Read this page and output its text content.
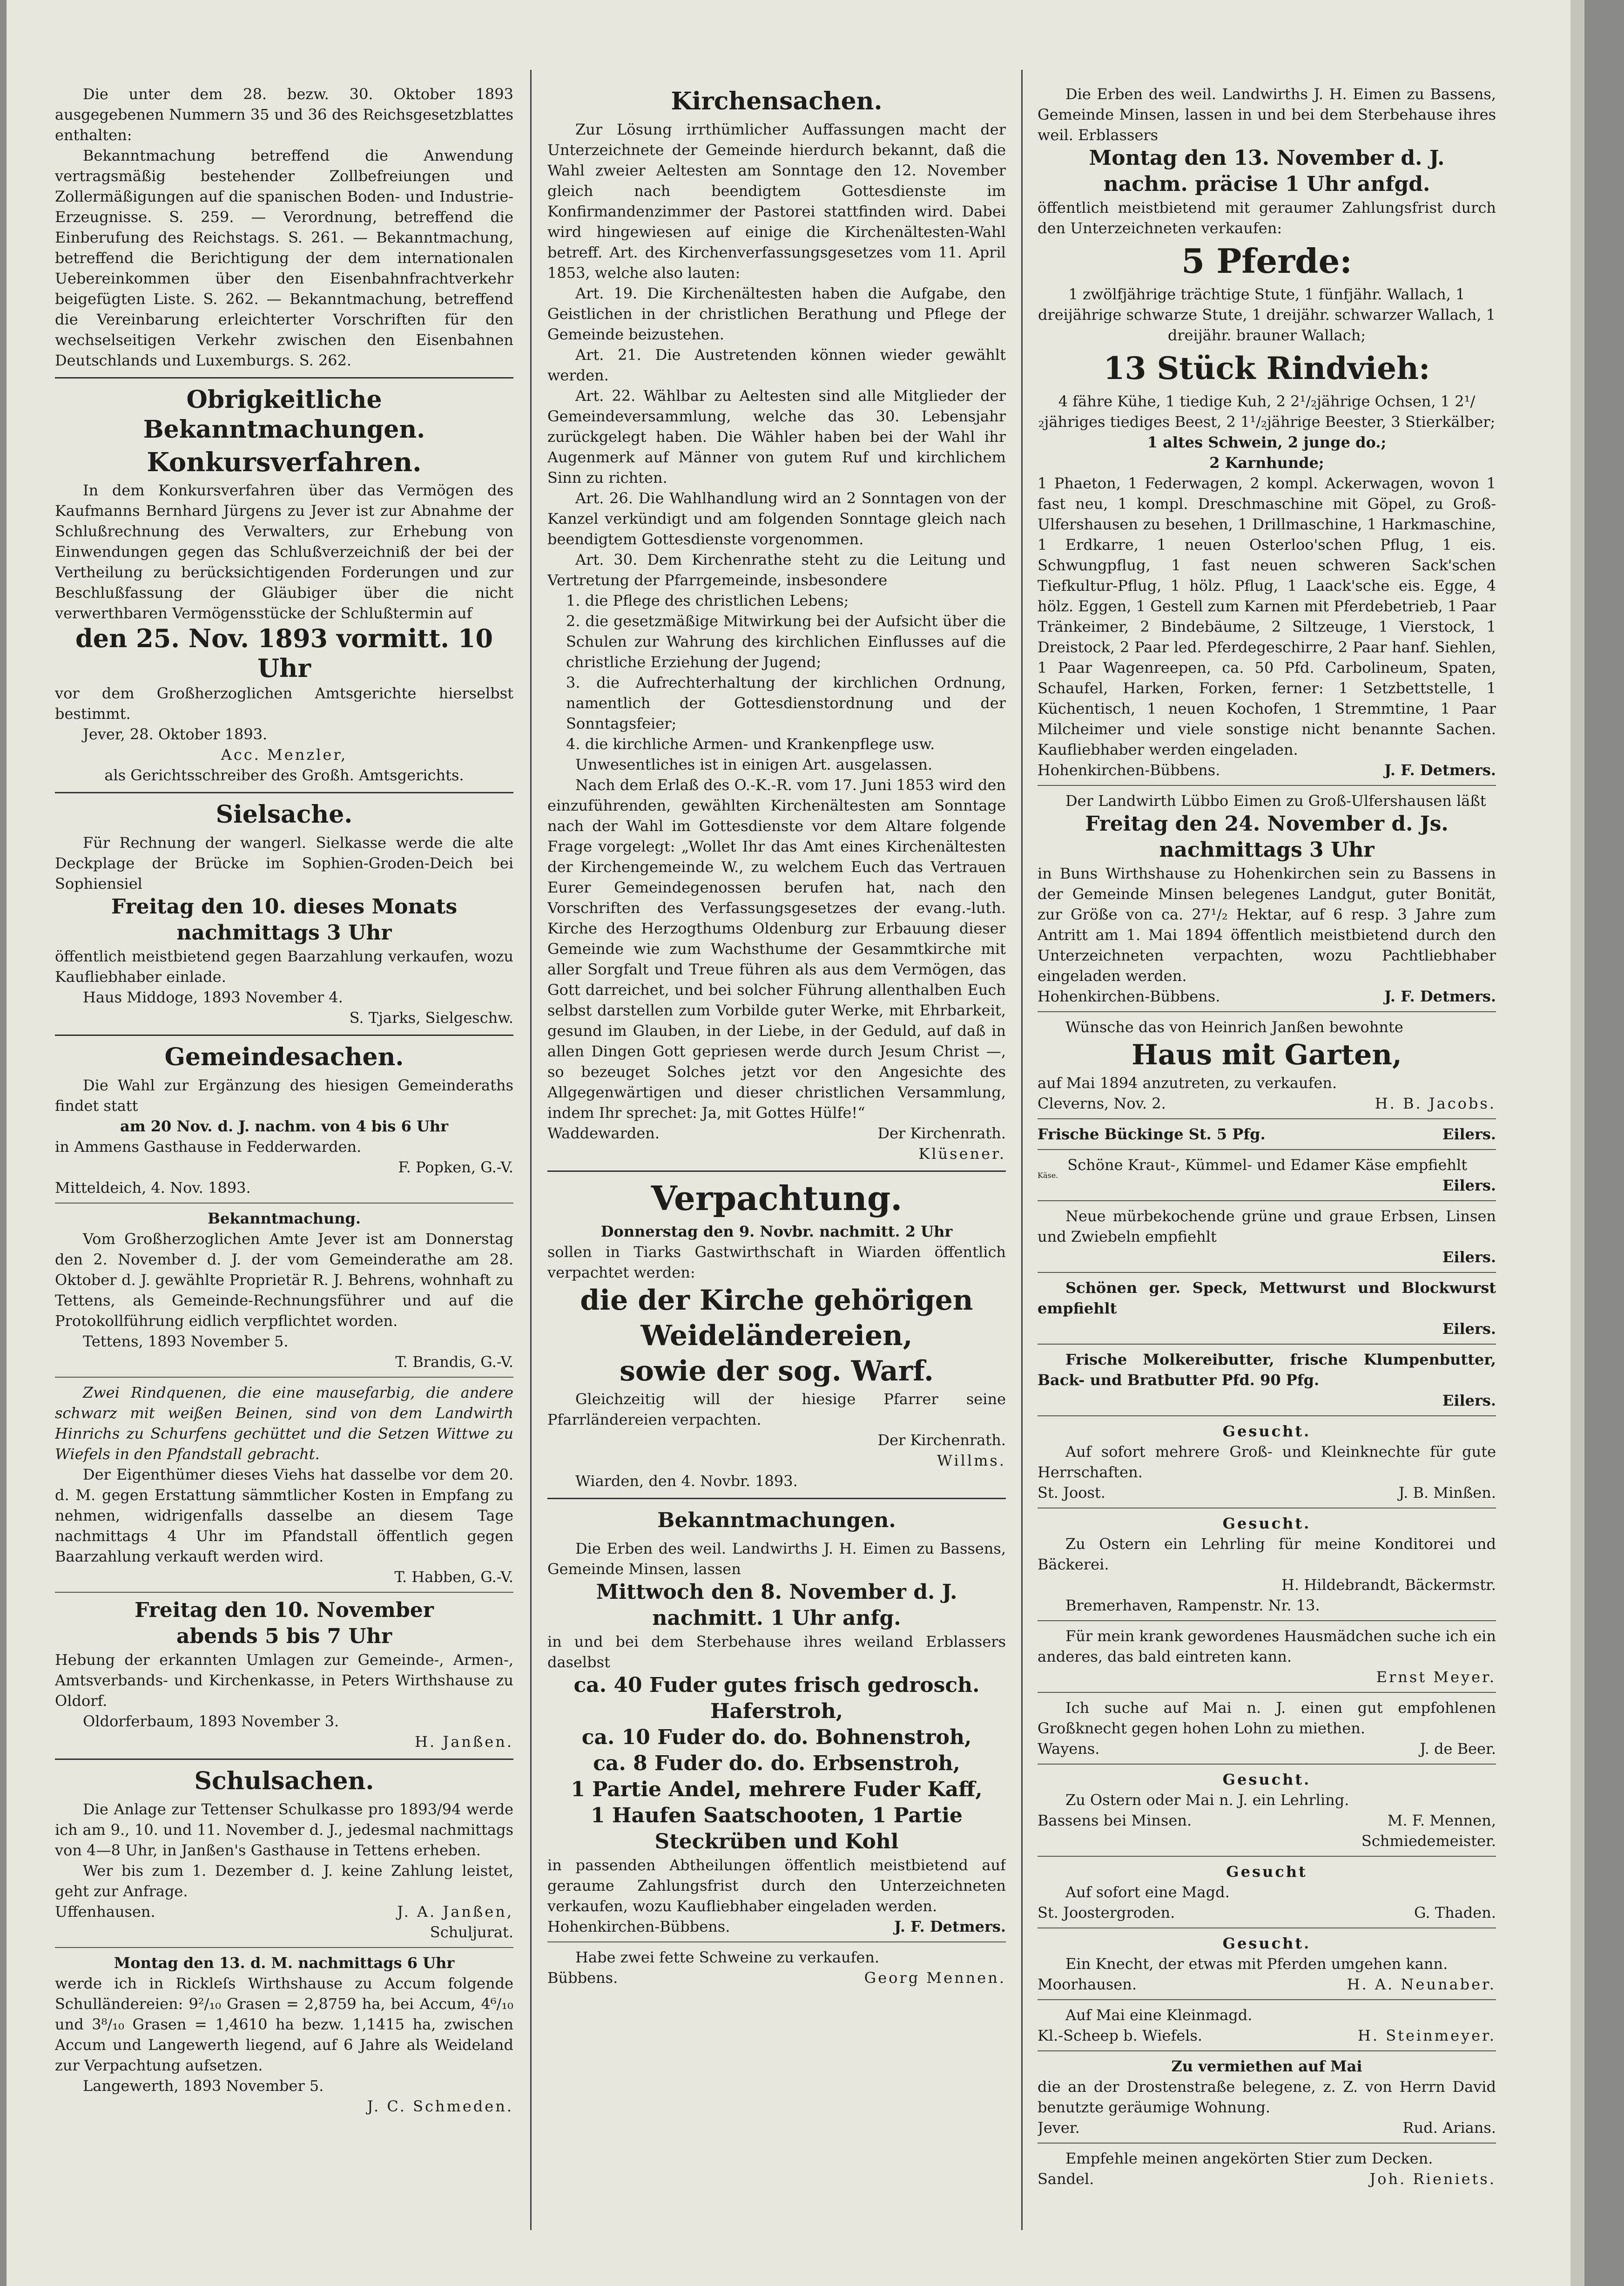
Die unter dem 28. bezw. 30. Oktober 1893 ausgegebenen Nummern 35 und 36 des Reichsgesetzblattes enthalten:

Bekanntmachung betreffend die Anwendung vertragsmäßig bestehender Zollbefreiungen und Zollermäßigungen auf die spanischen Boden- und Industrie-Erzeugnisse. S. 259. — Verordnung, betreffend die Einberufung des Reichstags. S. 261. — Bekanntmachung, betreffend die Berichtigung der dem internationalen Uebereinkommen über den Eisenbahnfrachtverkehr beigefügten Liste. S. 262. — Bekanntmachung, betreffend die Vereinbarung erleichterter Vorschriften für den wechselseitigen Verkehr zwischen den Eisenbahnen Deutschlands und Luxemburgs. S. 262.

Obrigkeitliche Bekanntmachungen.
Konkursverfahren.

In dem Konkursverfahren über das Vermögen des Kaufmanns Bernhard Jürgens zu Jever ist zur Abnahme der Schlußrechnung des Verwalters, zur Erhebung von Einwendungen gegen das Schlußverzeichniß der bei der Vertheilung zu berücksichtigenden Forderungen und zur Beschlußfassung der Gläubiger über die nicht verwerthbaren Vermögensstücke der Schlußtermin auf

den 25. Nov. 1893 vormitt. 10 Uhr

vor dem Großherzoglichen Amtsgerichte hierselbst bestimmt.

Jever, 28. Oktober 1893.

Acc. Menzler,

als Gerichtsschreiber des Großh. Amtsgerichts.

Sielsache.

Für Rechnung der wangerl. Sielkasse werde die alte Deckplage der Brücke im Sophien-Groden-Deich bei Sophiensiel

Freitag den 10. dieses Monats
nachmittags 3 Uhr

öffentlich meistbietend gegen Baarzahlung verkaufen, wozu Kaufliebhaber einlade.

Haus Middoge, 1893 November 4.

S. Tjarks, Sielgeschw.

Gemeindesachen.

Die Wahl zur Ergänzung des hiesigen Gemeinderaths findet statt

am 20 Nov. d. J. nachm. von 4 bis 6 Uhr

in Ammens Gasthause in Fedderwarden.

F. Popken, G.-V.

Mitteldeich, 4. Nov. 1893.

Bekanntmachung.

Vom Großherzoglichen Amte Jever ist am Donnerstag den 2. November d. J. der vom Gemeinderathe am 28. Oktober d. J. gewählte Proprietär R. J. Behrens, wohnhaft zu Tettens, als Gemeinde-Rechnungsführer und auf die Protokollführung eidlich verpflichtet worden.

Tettens, 1893 November 5.

T. Brandis, G.-V.

Zwei Rindquenen, die eine mausefarbig, die andere schwarz mit weißen Beinen, sind von dem Landwirth Hinrichs zu Schurfens gechüttet und die Setzen Wittwe zu Wiefels in den Pfandstall gebracht.

Der Eigenthümer dieses Viehs hat dasselbe vor dem 20. d. M. gegen Erstattung sämmtlicher Kosten in Empfang zu nehmen, widrigenfalls dasselbe an diesem Tage nachmittags 4 Uhr im Pfandstall öffentlich gegen Baarzahlung verkauft werden wird.

T. Habben, G.-V.

Freitag den 10. November
abends 5 bis 7 Uhr

Hebung der erkannten Umlagen zur Gemeinde-, Armen-, Amtsverbands- und Kirchenkasse, in Peters Wirthshause zu Oldorf.

Oldorferbaum, 1893 November 3.

H. Janßen.

Schulsachen.

Die Anlage zur Tettenser Schulkasse pro 1893/94 werde ich am 9., 10. und 11. November d. J., jedesmal nachmittags von 4—8 Uhr, in Janßen's Gasthause in Tettens erheben.

Wer bis zum 1. Dezember d. J. keine Zahlung leistet, geht zur Anfrage.

Uffenhausen.	J. A. Janßen,

Schuljurat.

Montag den 13. d. M. nachmittags 6 Uhr

werde ich in Rickleſs Wirthshause zu Accum folgende Schulländereien: 9²/₁₀ Grasen = 2,8759 ha, bei Accum, 4⁶/₁₀ und 3⁸/₁₀ Grasen = 1,4610 ha bezw. 1,1415 ha, zwischen Accum und Langewerth liegend, auf 6 Jahre als Weideland zur Verpachtung aufsetzen.

Langewerth, 1893 November 5.

J. C. Schmeden.

Kirchensachen.

Zur Lösung irrthümlicher Auffassungen macht der Unterzeichnete der Gemeinde hierdurch bekannt, daß die Wahl zweier Aeltesten am Sonntage den 12. November gleich nach beendigtem Gottesdienste im Konfirmandenzimmer der Pastorei stattfinden wird. Dabei wird hingewiesen auf einige die Kirchenältesten-Wahl betreff. Art. des Kirchenverfassungsgesetzes vom 11. April 1853, welche also lauten:

Art. 19. Die Kirchenältesten haben die Aufgabe, den Geistlichen in der christlichen Berathung und Pflege der Gemeinde beizustehen.

Art. 21. Die Austretenden können wieder gewählt werden.

Art. 22. Wählbar zu Aeltesten sind alle Mitglieder der Gemeindeversammlung, welche das 30. Lebensjahr zurückgelegt haben. Die Wähler haben bei der Wahl ihr Augenmerk auf Männer von gutem Ruf und kirchlichem Sinn zu richten.

Art. 26. Die Wahlhandlung wird an 2 Sonntagen von der Kanzel verkündigt und am folgenden Sonntage gleich nach beendigtem Gottesdienste vorgenommen.

Art. 30. Dem Kirchenrathe steht zu die Leitung und Vertretung der Pfarrgemeinde, insbesondere

1. die Pflege des christlichen Lebens;

2. die gesetzmäßige Mitwirkung bei der Aufsicht über die Schulen zur Wahrung des kirchlichen Einflusses auf die christliche Erziehung der Jugend;

3. die Aufrechterhaltung der kirchlichen Ordnung, namentlich der Gottesdienstordnung und der Sonntagsfeier;

4. die kirchliche Armen- und Krankenpflege usw.

Unwesentliches ist in einigen Art. ausgelassen.

Nach dem Erlaß des O.-K.-R. vom 17. Juni 1853 wird den einzuführenden, gewählten Kirchenältesten am Sonntage nach der Wahl im Gottesdienste vor dem Altare folgende Frage vorgelegt: „Wollet Ihr das Amt eines Kirchenältesten der Kirchengemeinde W., zu welchem Euch das Vertrauen Eurer Gemeindegenossen berufen hat, nach den Vorschriften des Verfassungsgesetzes der evang.-luth. Kirche des Herzogthums Oldenburg zur Erbauung dieser Gemeinde wie zum Wachsthume der Gesammtkirche mit aller Sorgfalt und Treue führen als aus dem Vermögen, das Gott darreichet, und bei solcher Führung allenthalben Euch selbst darstellen zum Vorbilde guter Werke, mit Ehrbarkeit, gesund im Glauben, in der Liebe, in der Geduld, auf daß in allen Dingen Gott gepriesen werde durch Jesum Christ —, so bezeuget Solches jetzt vor den Angesichte des Allgegenwärtigen und dieser christlichen Versammlung, indem Ihr sprechet: Ja, mit Gottes Hülfe!“

Waddewarden.	Der Kirchenrath.

Klüsener.

Verpachtung.

Donnerstag den 9. Novbr. nachmitt. 2 Uhr

sollen in Tiarks Gastwirthschaft in Wiarden öffentlich verpachtet werden:

die der Kirche gehörigen
Weideländereien,
sowie der sog. Warf.

Gleichzeitig will der hiesige Pfarrer seine Pfarrländereien verpachten.

Der Kirchenrath.

Willms.

Wiarden, den 4. Novbr. 1893.

Bekanntmachungen.

Die Erben des weil. Landwirths J. H. Eimen zu Bassens, Gemeinde Minsen, lassen

Mittwoch den 8. November d. J.
nachmitt. 1 Uhr anfg.

in und bei dem Sterbehause ihres weiland Erblassers daselbst

ca. 40 Fuder gutes frisch gedrosch.
Haferstroh,
ca. 10 Fuder do. do. Bohnenstroh,
ca. 8 Fuder do. do. Erbsenstroh,
1 Partie Andel, mehrere Fuder Kaff,
1 Haufen Saatschooten, 1 Partie
Steckrüben und Kohl

in passenden Abtheilungen öffentlich meistbietend auf geraume Zahlungsfrist durch den Unterzeichneten verkaufen, wozu Kaufliebhaber eingeladen werden.

Hohenkirchen-Bübbens.	J. F. Detmers.

Habe zwei fette Schweine zu verkaufen.

Bübbens.	Georg Mennen.

Die Erben des weil. Landwirths J. H. Eimen zu Bassens, Gemeinde Minsen, lassen in und bei dem Sterbehause ihres weil. Erblassers

Montag den 13. November d. J.
nachm. präcise 1 Uhr anfgd.

öffentlich meistbietend mit geraumer Zahlungsfrist durch den Unterzeichneten verkaufen:

5 Pferde:

1 zwölfjährige trächtige Stute, 1 fünfjähr. Wallach, 1 dreijährige schwarze Stute, 1 dreijähr. schwarzer Wallach, 1 dreijähr. brauner Wallach;

13 Stück Rindvieh:

4 fähre Kühe, 1 tiedige Kuh, 2 2¹/₂jährige Ochsen, 1 2¹/₂jähriges tiediges Beest, 2 1¹/₂jährige Beester, 3 Stierkälber;

1 altes Schwein, 2 junge do.;

2 Karnhunde;

1 Phaeton, 1 Federwagen, 2 kompl. Ackerwagen, wovon 1 fast neu, 1 kompl. Dreschmaschine mit Göpel, zu Groß-Ulfershausen zu besehen, 1 Drillmaschine, 1 Harkmaschine, 1 Erdkarre, 1 neuen Osterloo'schen Pflug, 1 eis. Schwungpflug, 1 fast neuen schweren Sack'schen Tiefkultur-Pflug, 1 hölz. Pflug, 1 Laack'sche eis. Egge, 4 hölz. Eggen, 1 Gestell zum Karnen mit Pferdebetrieb, 1 Paar Tränkeimer, 2 Bindebäume, 2 Siltzeuge, 1 Vierstock, 1 Dreistock, 2 Paar led. Pferdegeschirre, 2 Paar hanf. Siehlen, 1 Paar Wagenreepen, ca. 50 Pfd. Carbolineum, Spaten, Schaufel, Harken, Forken, ferner: 1 Setzbettstelle, 1 Küchentisch, 1 neuen Kochofen, 1 Stremmtine, 1 Paar Milcheimer und viele sonstige nicht benannte Sachen. Kaufliebhaber werden eingeladen.

Hohenkirchen-Bübbens.	J. F. Detmers.

Der Landwirth Lübbo Eimen zu Groß-Ulfershausen läßt

Freitag den 24. November d. Js.
nachmittags 3 Uhr

in Buns Wirthshause zu Hohenkirchen sein zu Bassens in der Gemeinde Minsen belegenes Landgut, guter Bonität, zur Größe von ca. 27¹/₂ Hektar, auf 6 resp. 3 Jahre zum Antritt am 1. Mai 1894 öffentlich meistbietend durch den Unterzeichneten verpachten, wozu Pachtliebhaber eingeladen werden.

Hohenkirchen-Bübbens.	J. F. Detmers.

Wünsche das von Heinrich Janßen bewohnte

Haus mit Garten,

auf Mai 1894 anzutreten, zu verkaufen.

Cleverns, Nov. 2.	H. B. Jacobs.
Frische Bückinge St. 5 Pfg.	Eilers.
Käse.

Schöne Kraut-, Kümmel- und Edamer Käse empfiehlt

Eilers.

Neue mürbekochende grüne und graue Erbsen, Linsen und Zwiebeln empfiehlt

Eilers.

Schönen ger. Speck, Mettwurst und Blockwurst empfiehlt

Eilers.

Frische Molkereibutter, frische Klumpenbutter, Back- und Bratbutter Pfd. 90 Pfg.

Eilers.

Gesucht.

Auf sofort mehrere Groß- und Kleinknechte für gute Herrschaften.

St. Joost.	J. B. Minßen.

Gesucht.

Zu Ostern ein Lehrling für meine Konditorei und Bäckerei.

H. Hildebrandt, Bäckermstr.

Bremerhaven, Rampenstr. Nr. 13.

Für mein krank gewordenes Hausmädchen suche ich ein anderes, das bald eintreten kann.

Ernst Meyer.

Ich suche auf Mai n. J. einen gut empfohlenen Großknecht gegen hohen Lohn zu miethen.

Wayens.	J. de Beer.

Gesucht.

Zu Ostern oder Mai n. J. ein Lehrling.

Bassens bei Minsen.	M. F. Mennen,

Schmiedemeister.

Gesucht

Auf sofort eine Magd.

St. Joostergroden.	G. Thaden.

Gesucht.

Ein Knecht, der etwas mit Pferden umgehen kann.

Moorhausen.	H. A. Neunaber.

Auf Mai eine Kleinmagd.

Kl.-Scheep b. Wiefels.	H. Steinmeyer.

Zu vermiethen auf Mai

die an der Drostenstraße belegene, z. Z. von Herrn David benutzte geräumige Wohnung.

Jever.	Rud. Arians.

Empfehle meinen angekörten Stier zum Decken.

Sandel.	Joh. Rieniets.
